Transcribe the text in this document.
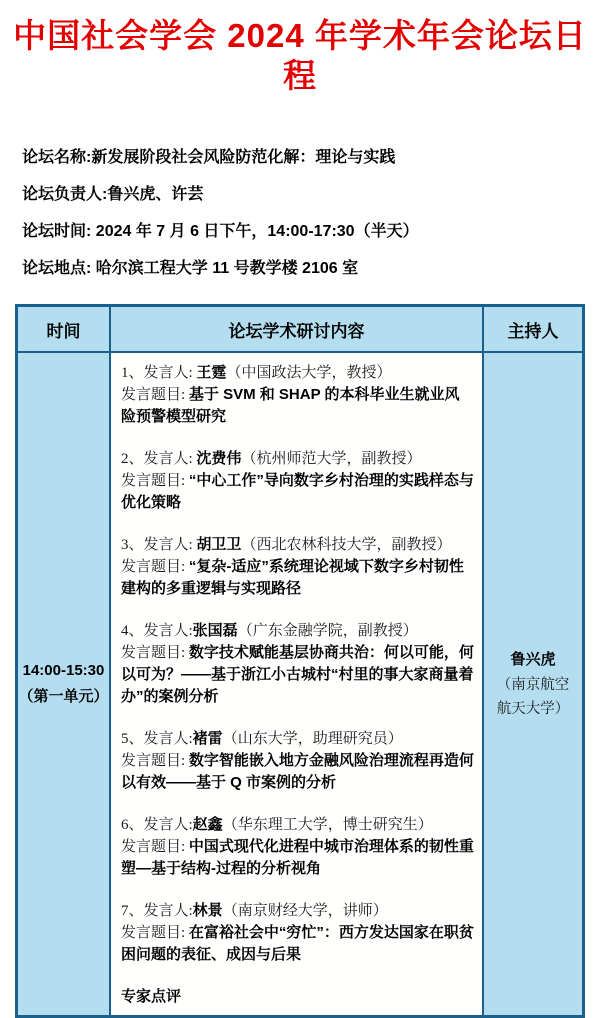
中国社会学会 2024 年学术年会论坛日程

论坛名称:新发展阶段社会风险防范化解：理论与实践

论坛负责人:鲁兴虎、许芸

论坛时间: 2024 年 7 月 6 日下午，14:00-17:30（半天）

论坛地点: 哈尔滨工程大学 11 号教学楼 2106 室

时间	论坛学术研讨内容	主持人
14:00-15:30
（第一单元）

1、发言人: 王霆（中国政法大学，教授）

发言题目: 基于 SVM 和 SHAP 的本科毕业生就业风险预警模型研究

2、发言人: 沈费伟（杭州师范大学，副教授）

发言题目: “中心工作”导向数字乡村治理的实践样态与优化策略

3、发言人: 胡卫卫（西北农林科技大学，副教授）

发言题目: “复杂-适应”系统理论视域下数字乡村韧性建构的多重逻辑与实现路径

4、发言人:张国磊（广东金融学院，副教授）

发言题目: 数字技术赋能基层协商共治：何以可能，何以可为？——基于浙江小古城村“村里的事大家商量着办”的案例分析

5、发言人:褚雷（山东大学，助理研究员）

发言题目: 数字智能嵌入地方金融风险治理流程再造何以有效——基于 Q 市案例的分析

6、发言人:赵鑫（华东理工大学，博士研究生）

发言题目: 中国式现代化进程中城市治理体系的韧性重塑—基于结构-过程的分析视角

7、发言人:林景（南京财经大学，讲师）

发言题目: 在富裕社会中“穷忙”：西方发达国家在职贫困问题的表征、成因与后果

专家点评
鲁兴虎
（南京航空
航天大学）
